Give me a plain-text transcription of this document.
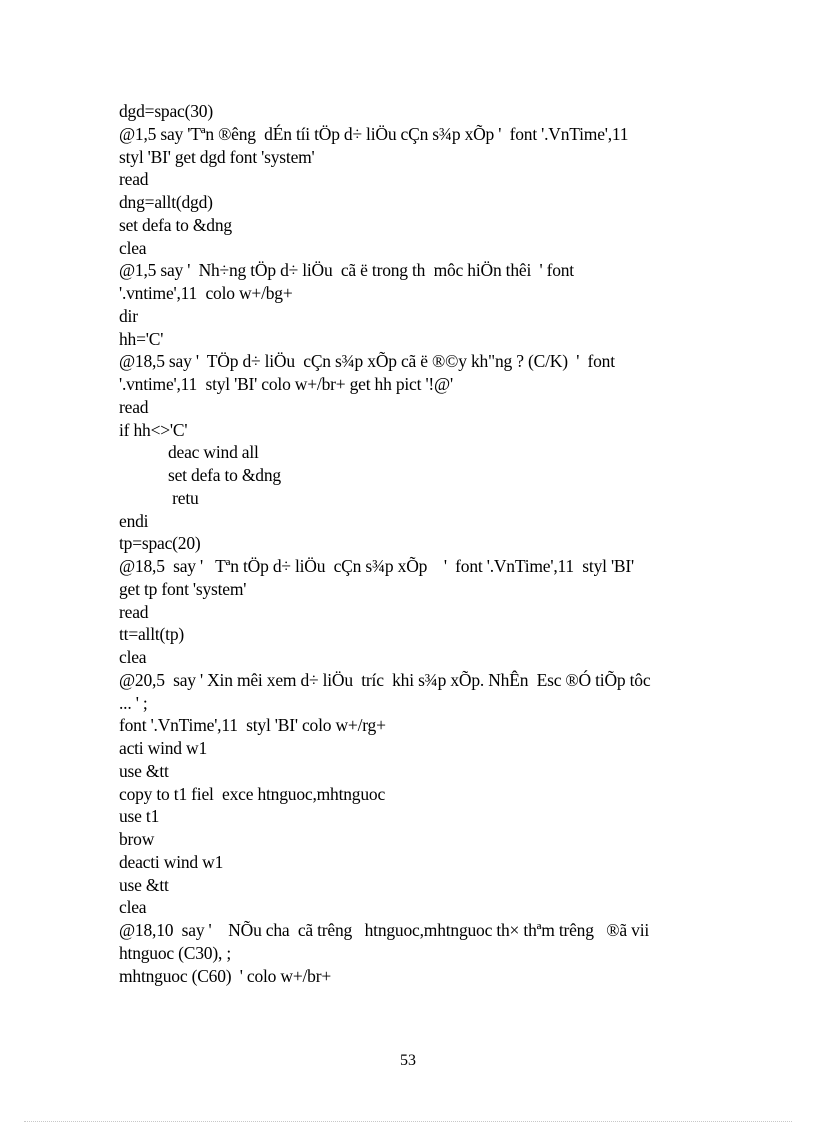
dgd=spac(30)
@1,5 say 'Tªn ®êng  dÉn tíi tÖp d÷ liÖu cÇn s¾p xÕp '  font '.VnTime',11
styl 'BI' get dgd font 'system'
read
dng=allt(dgd)
set defa to &dng
clea
@1,5 say '  Nh÷ng tÖp d÷ liÖu  cã ë trong th  môc hiÖn thêi  ' font
'.vntime',11  colo w+/bg+
dir
hh='C'
@18,5 say '  TÖp d÷ liÖu  cÇn s¾p xÕp cã ë ®©y kh"ng ? (C/K)  '  font
'.vntime',11  styl 'BI' colo w+/br+ get hh pict '!@'
read
if hh<>'C'
deac wind all
set defa to &dng
retu
endi
tp=spac(20)
@18,5  say '   Tªn tÖp d÷ liÖu  cÇn s¾p xÕp    '  font '.VnTime',11  styl 'BI'
get tp font 'system'
read
tt=allt(tp)
clea
@20,5  say ' Xin mêi xem d÷ liÖu  tríc  khi s¾p xÕp. NhÊn  Esc ®Ó tiÕp tôc
... ' ;
font '.VnTime',11  styl 'BI' colo w+/rg+
acti wind w1
use &tt
copy to t1 fiel  exce htnguoc,mhtnguoc
use t1
brow
deacti wind w1
use &tt
clea
@18,10  say '    NÕu cha  cã trêng   htnguoc,mhtnguoc th× thªm trêng   ®ã vii
htnguoc (C30), ;
mhtnguoc (C60)  ' colo w+/br+
53
